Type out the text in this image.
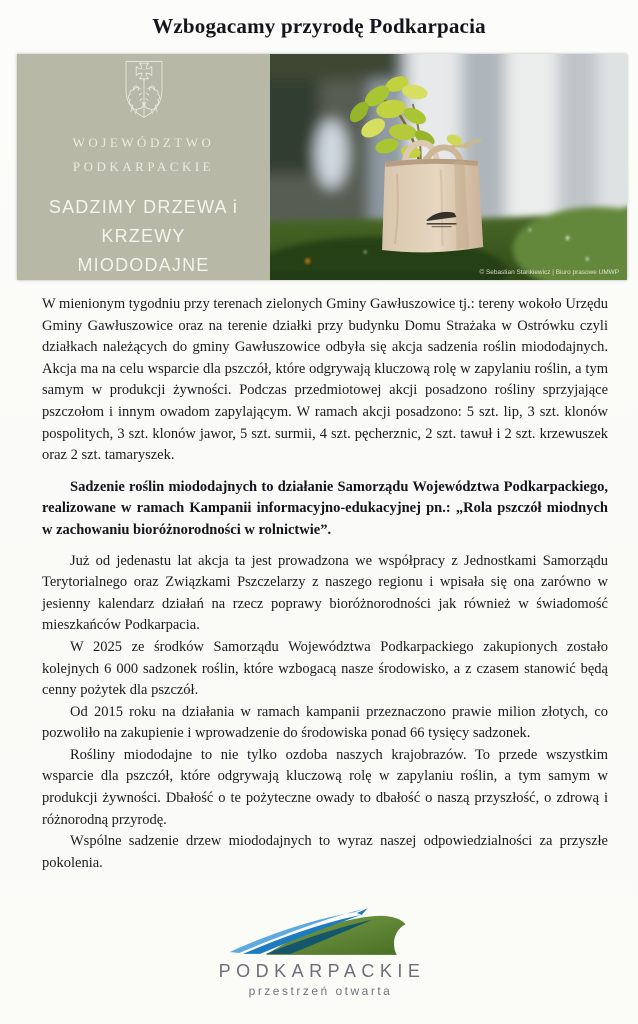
Wzbogacamy przyrodę Podkarpacia
WOJEWÓDZTWO
PODKARPACKIE
SADZIMY DRZEWA i KRZEWY
MIODODAJNE	© Sebastian Stankiewicz | Biuro prasowe UMWP

W mienionym tygodniu przy terenach zielonych Gminy Gawłuszowice tj.: tereny wokoło Urzędu Gminy Gawłuszowice oraz na terenie działki przy budynku Domu Strażaka w Ostrówku czyli działkach należących do gminy Gawłuszowice odbyła się akcja sadzenia roślin miododajnych. Akcja ma na celu wsparcie dla pszczół, które odgrywają kluczową rolę w zapylaniu roślin, a tym samym w produkcji żywności. Podczas przedmiotowej akcji posadzono rośliny sprzyjające pszczołom i innym owadom zapylającym. W ramach akcji posadzono: 5 szt. lip, 3 szt. klonów pospolitych, 3 szt. klonów jawor, 5 szt. surmii, 4 szt. pęcherznic, 2 szt. tawuł i 2 szt. krzewuszek oraz 2 szt. tamaryszek.

Sadzenie roślin miododajnych to działanie Samorządu Województwa Podkarpackiego, realizowane w ramach Kampanii informacyjno-edukacyjnej pn.: „Rola pszczół miodnych w zachowaniu bioróżnorodności w rolnictwie”.

Już od jedenastu lat akcja ta jest prowadzona we współpracy z Jednostkami Samorządu Terytorialnego oraz Związkami Pszczelarzy z naszego regionu i wpisała się ona zarówno w jesienny kalendarz działań na rzecz poprawy bioróżnorodności jak również w świadomość mieszkańców Podkarpacia.

W 2025 ze środków Samorządu Województwa Podkarpackiego zakupionych zostało kolejnych 6 000 sadzonek roślin, które wzbogacą nasze środowisko, a z czasem stanowić będą cenny pożytek dla pszczół.

Od 2015 roku na działania w ramach kampanii przeznaczono prawie milion złotych, co pozwoliło na zakupienie i wprowadzenie do środowiska ponad 66 tysięcy sadzonek.

Rośliny miododajne to nie tylko ozdoba naszych krajobrazów. To przede wszystkim wsparcie dla pszczół, które odgrywają kluczową rolę w zapylaniu roślin, a tym samym w produkcji żywności. Dbałość o te pożyteczne owady to dbałość o naszą przyszłość, o zdrową i różnorodną przyrodę.

Wspólne sadzenie drzew miododajnych to wyraz naszej odpowiedzialności za przyszłe pokolenia.

PODKARPACKIE
przestrzeń otwarta
